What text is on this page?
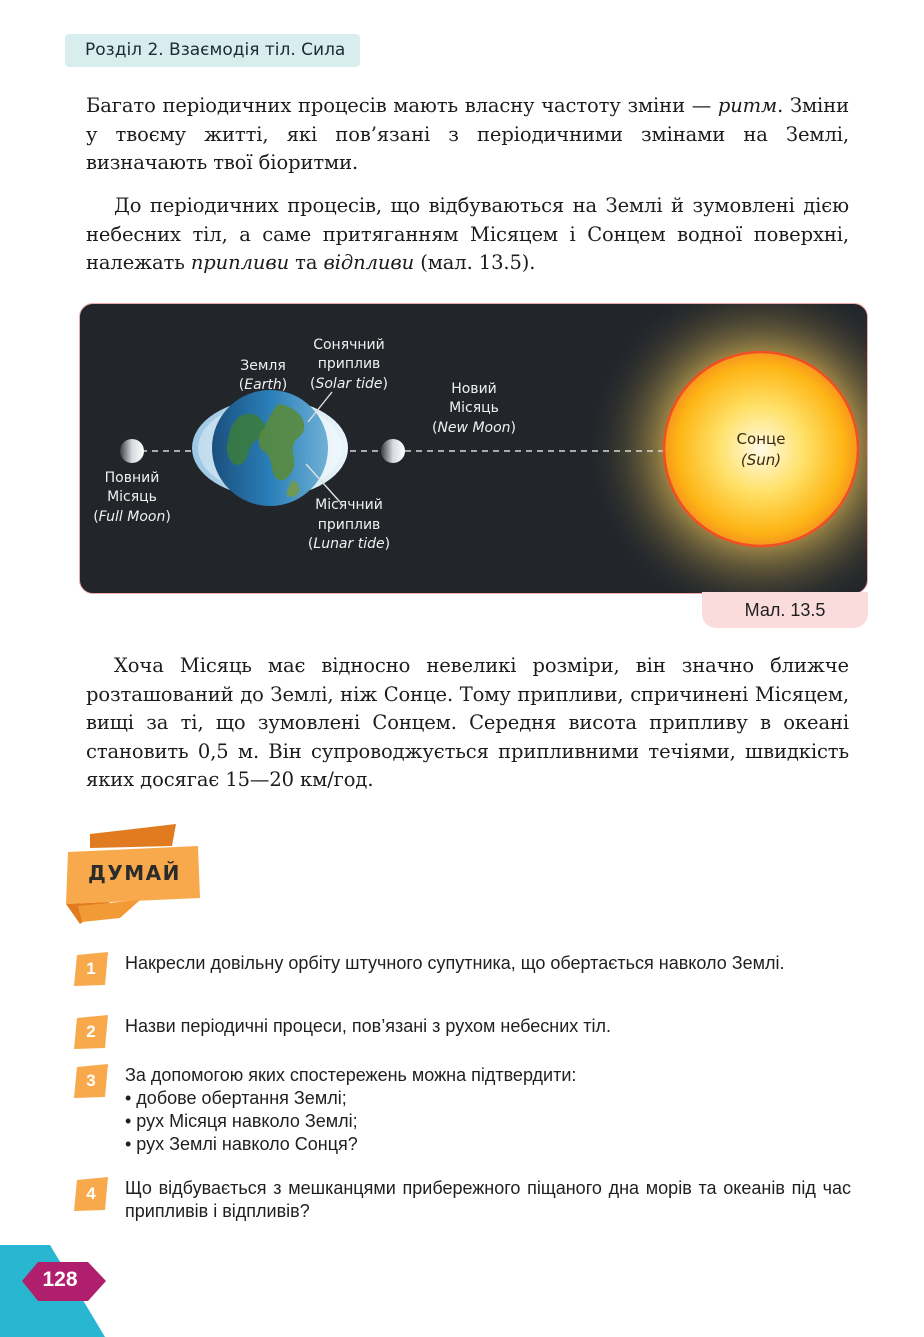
Розділ 2. Взаємодія тіл. Сила

Багато періодичних процесів мають власну частоту зміни — ритм. Зміни у твоєму житті, які пов’язані з періодичними змінами на Землі, визначають твої біоритми.

До періодичних процесів, що відбуваються на Землі й зумовлені дією небесних тіл, а саме притяганням Місяцем і Сонцем водної поверхні, належать припливи та відпливи (мал. 13.5).

Повний
Місяць
(Full Moon)
Земля
(Earth)
Сонячний
приплив
(Solar tide)	Новий
Місяць
(New Moon)
Місячний
приплив
(Lunar tide)
Сонце
(Sun)
Мал. 13.5

Хоча Місяць має відносно невеликі розміри, він значно ближче розташований до Землі, ніж Сонце. Тому припливи, спричинені Місяцем, вищі за ті, що зумовлені Сонцем. Середня висота припливу в океані становить 0,5 м. Він супроводжується припливними течіями, швидкість яких досягає 15—20 км/год.

ДУМАЙ
1	Накресли довільну орбіту штучного супутника, що обертається навколо Землі.
2	Назви періодичні процеси, пов’язані з рухом небесних тіл.
3	За допомогою яких спостережень можна підтвердити:
• добове обертання Землі;
• рух Місяця навколо Землі;
• рух Землі навколо Сонця?
4	Що відбувається з мешканцями прибережного піщаного дна морів та океанів під час припливів і відпливів?
128
